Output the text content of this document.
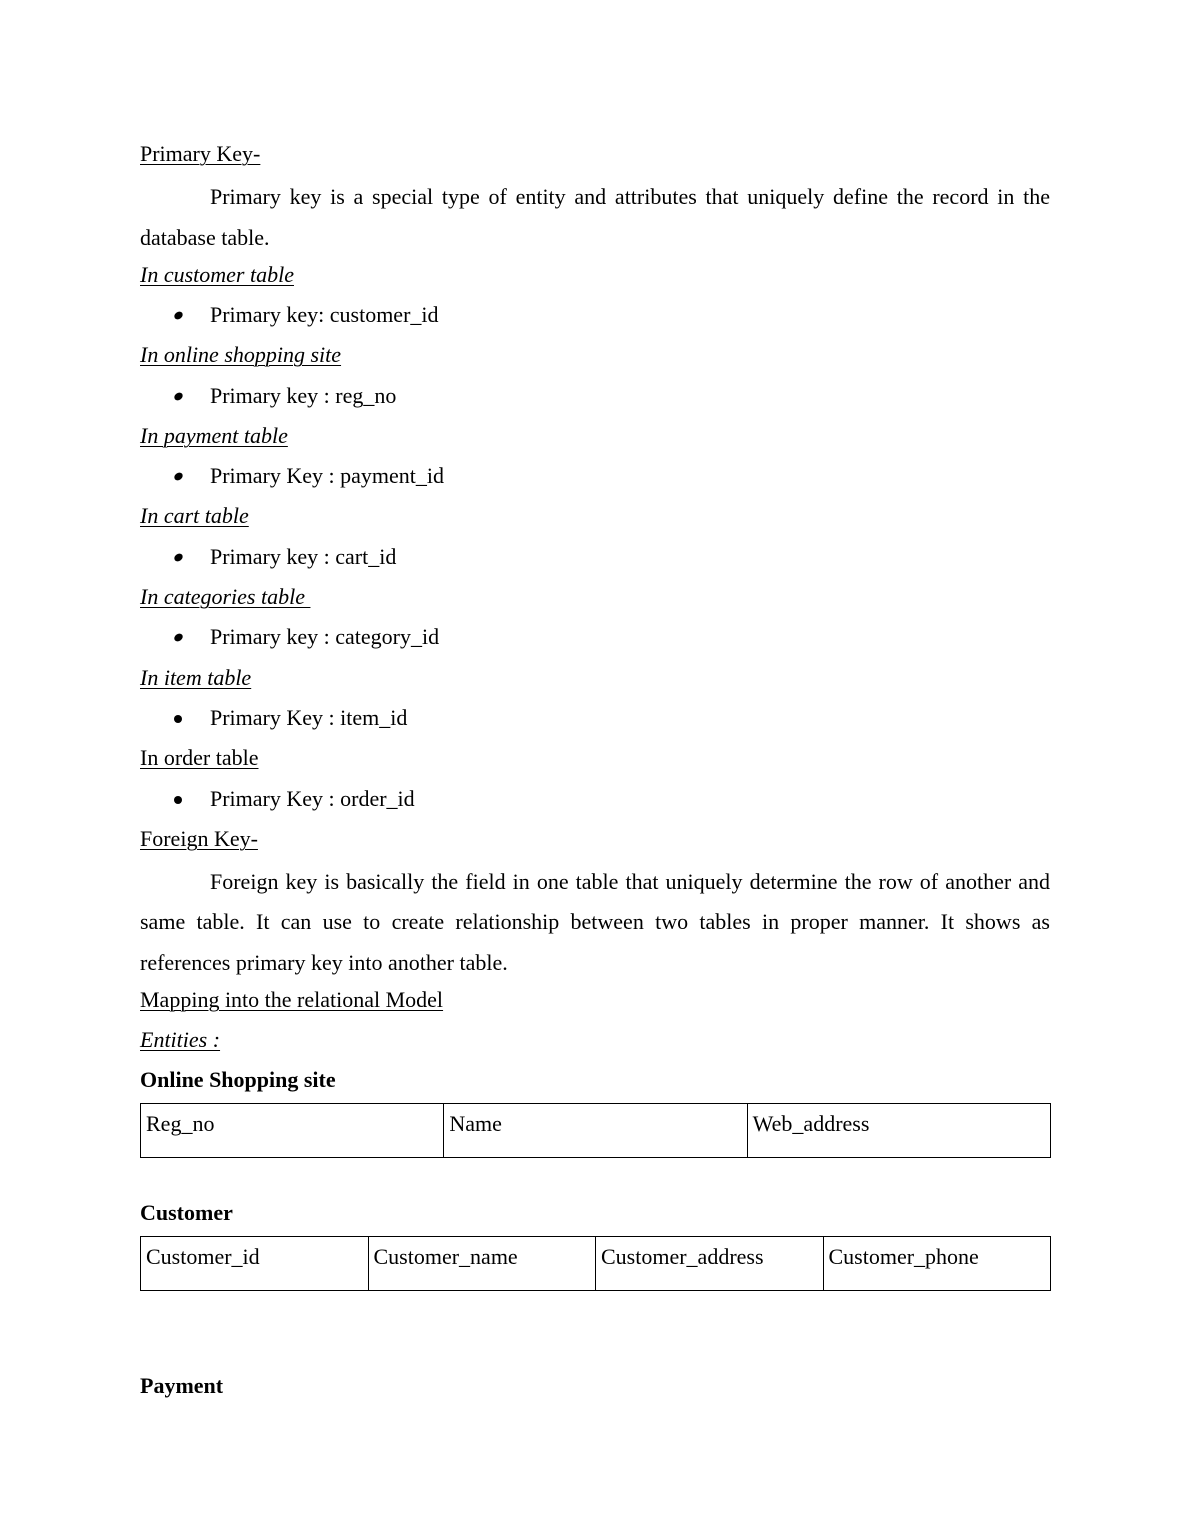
Primary Key-

Primary key is a special type of entity and attributes that uniquely define the record in the database table.

In customer table
Primary key: customer_id
In online shopping site
Primary key : reg_no
In payment table
Primary Key : payment_id
In cart table
Primary key : cart_id
In categories table
Primary key : category_id
In item table
Primary Key : item_id
In order table
Primary Key : order_id
Foreign Key-

Foreign key is basically the field in one table that uniquely determine the row of another and same table. It can use to create relationship between two tables in proper manner. It shows as references primary key into another table.

Mapping into the relational Model
Entities :
Online Shopping site
Reg_no	Name	Web_address
Customer
Customer_id	Customer_name	Customer_address	Customer_phone
Payment
